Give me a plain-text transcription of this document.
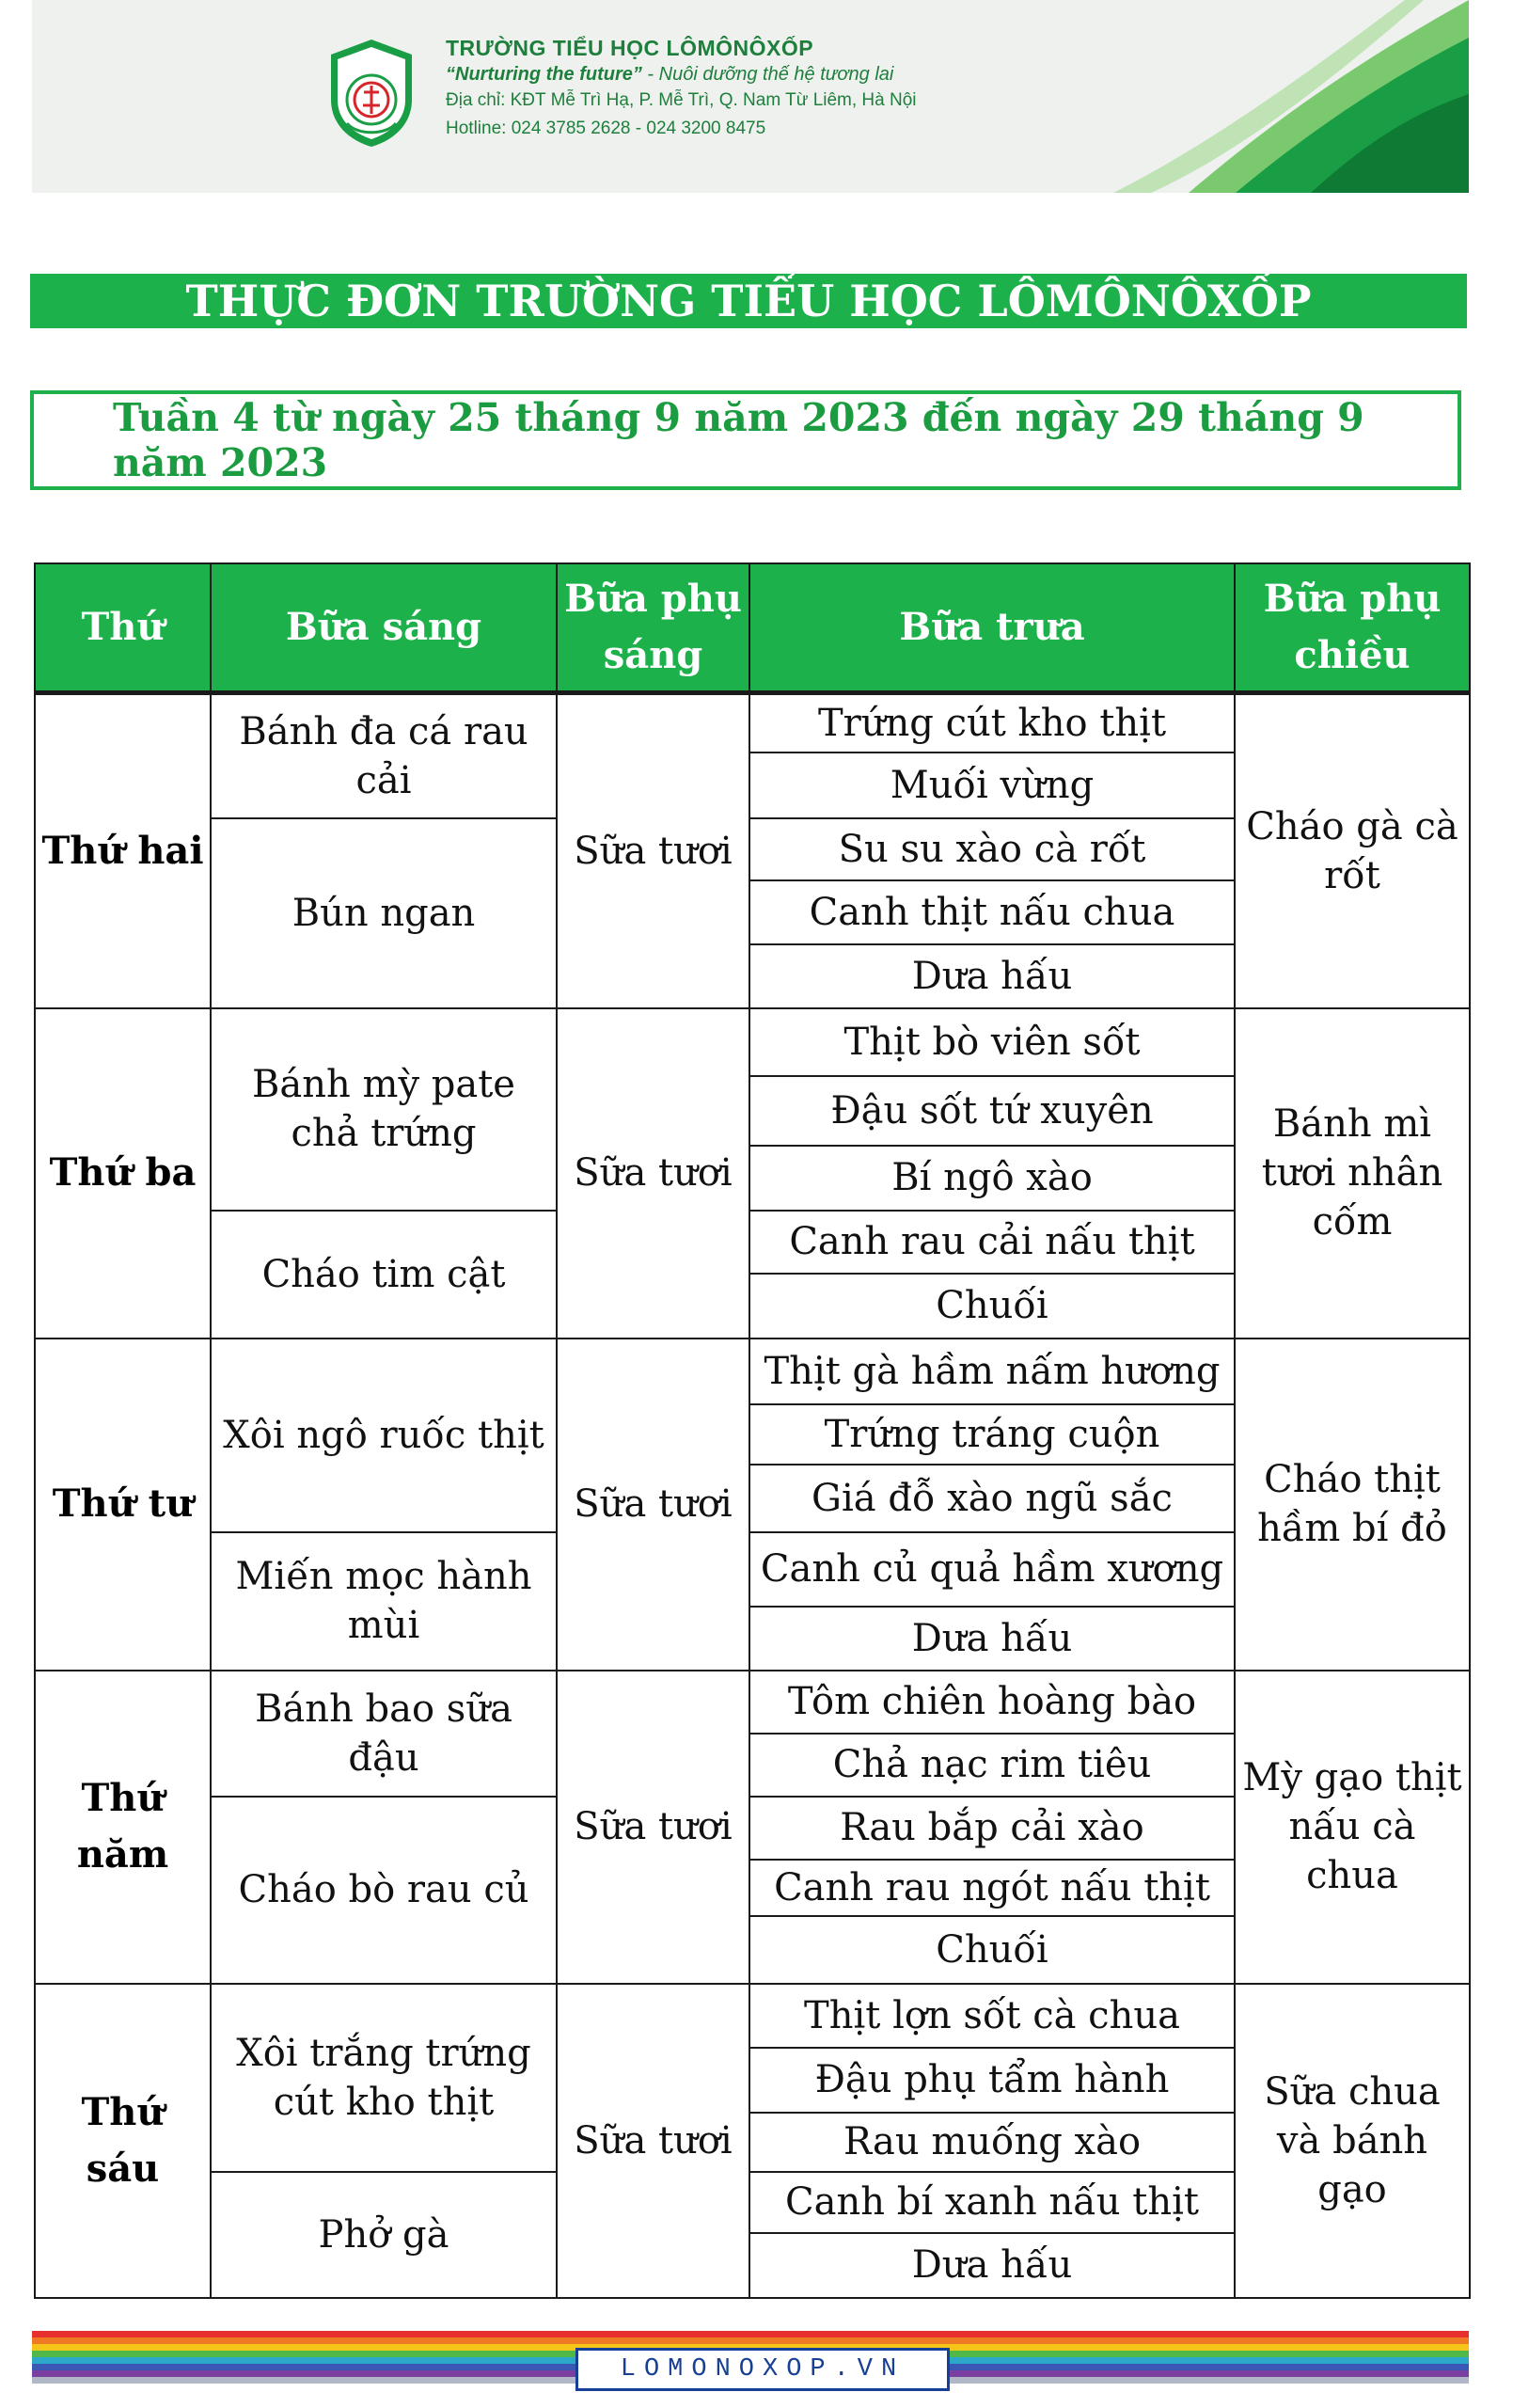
TRƯỜNG TIỂU HỌC LÔMÔNÔXỐP
“Nurturing the future” - Nuôi dưỡng thế hệ tương lai
Địa chỉ: KĐT Mễ Trì Hạ, P. Mễ Trì, Q. Nam Từ Liêm, Hà Nội
Hotline: 024 3785 2628 - 024 3200 8475
THỰC ĐƠN TRƯỜNG TIỂU HỌC LÔMÔNÔXỐP
Tuần 4 từ ngày 25 tháng 9 năm 2023 đến ngày 29 tháng 9 năm 2023
Thứ	Bữa sáng	Bữa phụ sáng	Bữa trưa	Bữa phụ chiều
Thứ hai	Bánh đa cá rau cải	Sữa tươi	Trứng cút kho thịt	Cháo gà cà rốt
			Muối vừng	
	Bún ngan		Su su xào cà rốt	
			Canh thịt nấu chua	
			Dưa hấu	
Thứ ba	Bánh mỳ pate chả trứng	Sữa tươi	Thịt bò viên sốt	Bánh mì tươi nhân cốm
			Đậu sốt tứ xuyên	
			Bí ngô xào	
	Cháo tim cật		Canh rau cải nấu thịt	
			Chuối	
Thứ tư	Xôi ngô ruốc thịt	Sữa tươi	Thịt gà hầm nấm hương	Cháo thịt hầm bí đỏ
			Trứng tráng cuộn	
			Giá đỗ xào ngũ sắc	
	Miến mọc hành mùi		Canh củ quả hầm xương	
			Dưa hấu	
Thứ năm	Bánh bao sữa đậu	Sữa tươi	Tôm chiên hoàng bào	Mỳ gạo thịt nấu cà chua
			Chả nạc rim tiêu	
	Cháo bò rau củ		Rau bắp cải xào	
			Canh rau ngót nấu thịt	
			Chuối	
Thứ sáu	Xôi trắng trứng cút kho thịt	Sữa tươi	Thịt lợn sốt cà chua	Sữa chua và bánh gạo
			Đậu phụ tẩm hành	
			Rau muống xào	
	Phở gà		Canh bí xanh nấu thịt	
			Dưa hấu	
LOMONOXOP.VN
